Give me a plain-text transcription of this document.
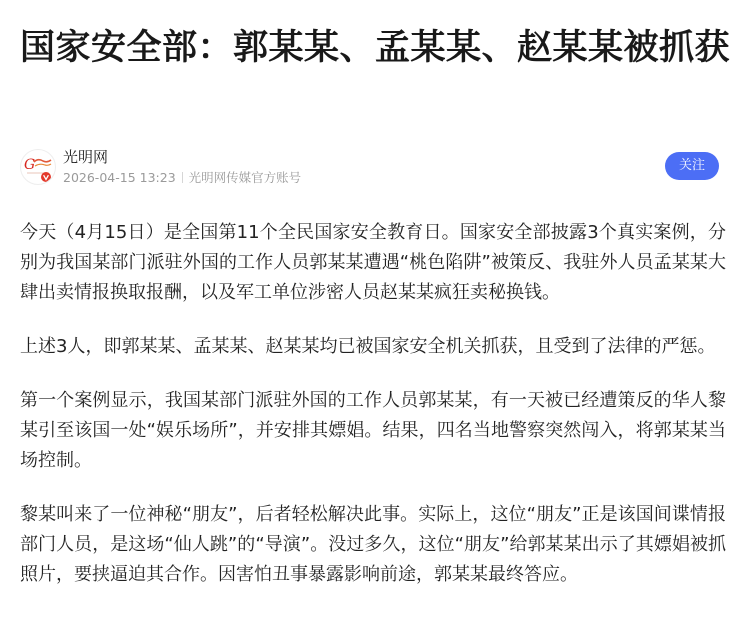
国家安全部：郭某某、孟某某、赵某某被抓获
G 光明网
2026-04-15 13:23 光明网传媒官方账号
关注

今天（4月15日）是全国第11个全民国家安全教育日。国家安全部披露3个真实案例，分别为我国某部门派驻外国的工作人员郭某某遭遇“桃色陷阱”被策反、我驻外人员孟某某大肆出卖情报换取报酬，以及军工单位涉密人员赵某某疯狂卖秘换钱。

上述3人，即郭某某、孟某某、赵某某均已被国家安全机关抓获，且受到了法律的严惩。

第一个案例显示，我国某部门派驻外国的工作人员郭某某，有一天被已经遭策反的华人黎某引至该国一处“娱乐场所”，并安排其嫖娼。结果，四名当地警察突然闯入，将郭某某当场控制。

黎某叫来了一位神秘“朋友”，后者轻松解决此事。实际上，这位“朋友”正是该国间谍情报部门人员，是这场“仙人跳”的“导演”。没过多久，这位“朋友”给郭某某出示了其嫖娼被抓照片，要挟逼迫其合作。因害怕丑事暴露影响前途，郭某某最终答应。
